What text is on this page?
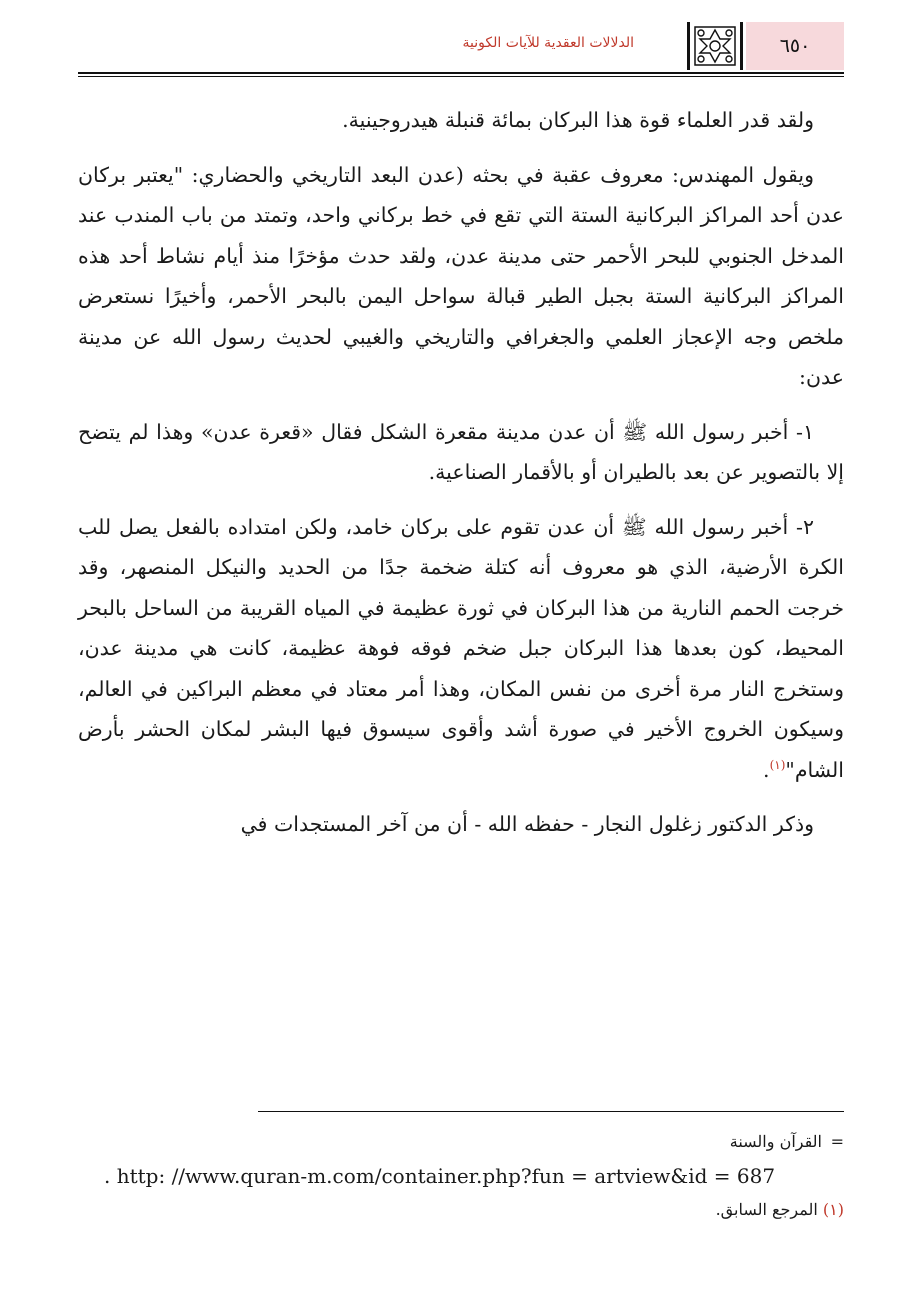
٦٥٠
الدلالات العقدية للآيات الكونية

ولقد قدر العلماء قوة هذا البركان بمائة قنبلة هيدروجينية.

ويقول المهندس: معروف عقبة في بحثه (عدن البعد التاريخي والحضاري: "يعتبر بركان عدن أحد المراكز البركانية الستة التي تقع في خط بركاني واحد، وتمتد من باب المندب عند المدخل الجنوبي للبحر الأحمر حتى مدينة عدن، ولقد حدث مؤخرًا منذ أيام نشاط أحد هذه المراكز البركانية الستة بجبل الطير قبالة سواحل اليمن بالبحر الأحمر، وأخيرًا نستعرض ملخص وجه الإعجاز العلمي والجغرافي والتاريخي والغيبي لحديث رسول الله عن مدينة عدن:

١- أخبر رسول الله ﷺ أن عدن مدينة مقعرة الشكل فقال «قعرة عدن» وهذا لم يتضح إلا بالتصوير عن بعد بالطيران أو بالأقمار الصناعية.

٢- أخبر رسول الله ﷺ أن عدن تقوم على بركان خامد، ولكن امتداده بالفعل يصل للب الكرة الأرضية، الذي هو معروف أنه كتلة ضخمة جدًا من الحديد والنيكل المنصهر، وقد خرجت الحمم النارية من هذا البركان في ثورة عظيمة في المياه القريبة من الساحل بالبحر المحيط، كون بعدها هذا البركان جبل ضخم فوقه فوهة عظيمة، كانت هي مدينة عدن، وستخرج النار مرة أخرى من نفس المكان، وهذا أمر معتاد في معظم البراكين في العالم، وسيكون الخروج الأخير في صورة أشد وأقوى سيسوق فيها البشر لمكان الحشر بأرض الشام"$^{(١)}$.

وذكر الدكتور زغلول النجار - حفظه الله - أن من آخر المستجدات في

=القرآن والسنة
. http: //www.quran-m.com/container.php?fun = artview&id = 687
(١) المرجع السابق.
